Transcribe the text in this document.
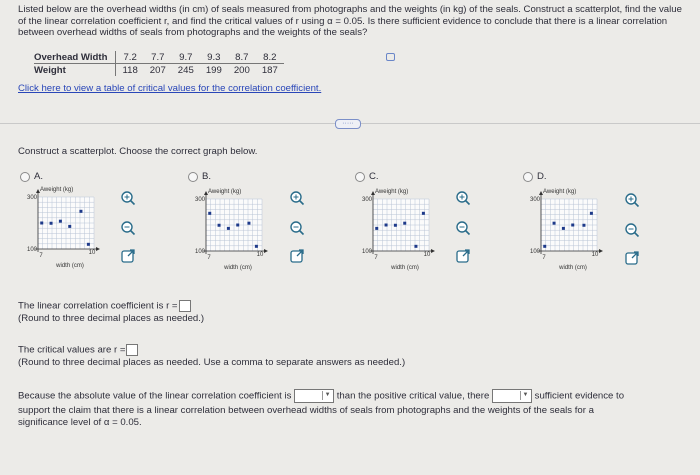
Listed below are the overhead widths (in cm) of seals measured from photographs and the weights (in kg) of the seals. Construct a scatterplot, find the value of the linear correlation coefficient r, and find the critical values of r using α = 0.05. Is there sufficient evidence to conclude that there is a linear correlation between overhead widths of seals from photographs and the weights of the seals?
Overhead Width	7.2	7.7	9.7	9.3	8.7	8.2
Weight	118	207	245	199	200	187
Click here to view a table of critical values for the correlation coefficient.
·····
Construct a scatterplot. Choose the correct graph below.
A.	B.	C.	D.
Aweight (kg)
300
100
7	10
width (cm)
Aweight (kg)
300
100
7	10
width (cm)
Aweight (kg)
300
100
7	10
width (cm)
Aweight (kg)
300
100
7	10
width (cm)
The linear correlation coefficient is r =
(Round to three decimal places as needed.)
The critical values are r =
(Round to three decimal places as needed. Use a comma to separate answers as needed.)
Because the absolute value of the linear correlation coefficient is	▼ than the positive critical value, there	▼ sufficient evidence to
support the claim that there is a linear correlation between overhead widths of seals from photographs and the weights of the seals for a
significance level of α = 0.05.
